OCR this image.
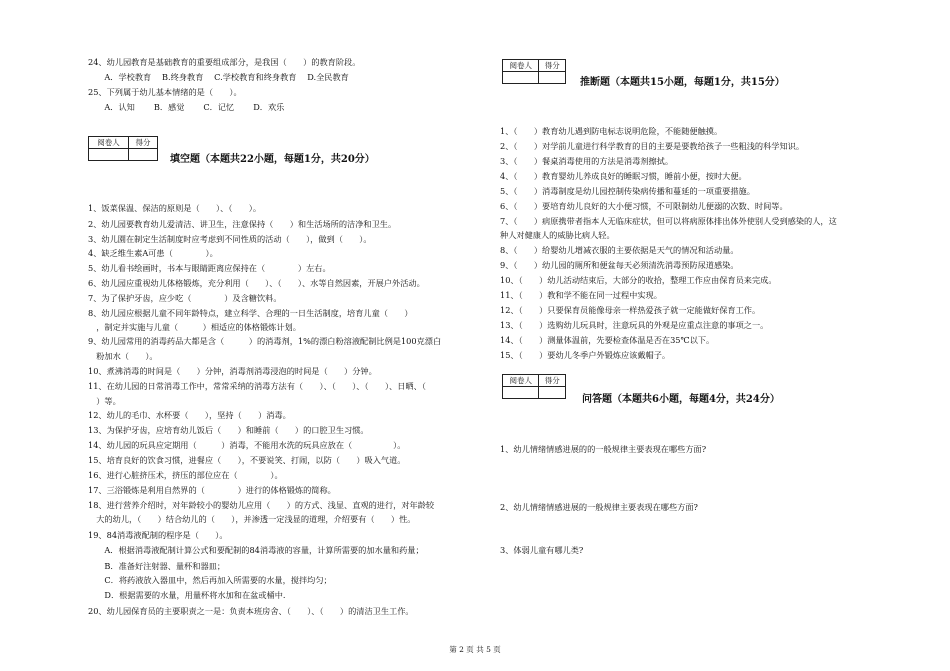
24、幼儿园教育是基础教育的重要组成部分，是我国（　　）的教育阶段。
　　A．学校教育　 B.终身教育　 C.学校教育和终身教育　 D.全民教育
25、下列属于幼儿基本情绪的是（　　）。
　　A．认知　　 B．感觉　　 C．记忆　　 D．欢乐
阅卷人	得分

填空题（本题共22小题，每题1分，共20分）
1、饭菜保温、保洁的原则是（　　）、（　　）。
2、幼儿园要教育幼儿爱清洁、讲卫生，注意保持（　　）和生活场所的洁净和卫生。
3、幼儿園在制定生活制度时应考虑到不同性质的活动（　　），做到（　　）。
4、缺乏维生素A可患（　　　　）。
5、幼儿看书绘画时，书本与眼睛距离应保持在（　　　　）左右。
6、幼儿园应重视幼儿体格锻炼，充分利用（　　）、（　　）、水等自然因素，开展户外活动。
7、为了保护牙齿，应少吃（　　　　）及含糖饮料。
8、幼儿园应根据儿童不同年龄特点，建立科学、合理的一日生活制度，培育儿童（　　）
　，制定并实施与儿童（　　　）相适应的体格锻炼计划。
9、幼儿园常用的消毒药品大都是含（　　　）的消毒剂，1%的漂白粉溶液配制比例是100克漂白
　粉加水（　　）。
10、煮沸消毒的时间是（　　）分钟，消毒剂消毒浸泡的时间是（　　）分钟。
11、在幼儿园的日常消毒工作中，常常采纳的消毒方法有（　　）、（　　）、（　　）、日晒、（
　）等。
12、幼儿的毛巾、水杯要（　　），坚持（　　）消毒。
13、为保护牙齿，应培育幼儿饭后（　　）和睡前（　　）的口腔卫生习惯。
14、幼儿园的玩具应定期用（　　　）消毒，不能用水洗的玩具应放在（　　　　　）。
15、培育良好的饮食习惯，进餐应（　　），不要说笑、打闹，以防（　　）吸入气道。
16、进行心脏挤压术，挤压的部位应在（　　　　）。
17、三浴锻炼是利用自然界的（　　　　）进行的体格锻炼的简称。
18、进行营养介绍时，对年龄较小的婴幼儿应用（　　）的方式、浅显、直观的进行，对年龄较
　大的幼儿，（　　）结合幼儿的（　　），并渗透一定浅显的道理，介绍要有（　　）性。
19、84消毒液配制的程序是（　　）。
　　A．根据消毒液配制计算公式和要配制的84消毒液的容量，计算所需要的加水量和药量；
　　B．准备好注射器、量杯和器皿；
　　C．将药液放入器皿中，然后再加入所需要的水量，搅拌均匀；
　　D．根据需要的水量，用量杯将水加和在盆或桶中.
20、幼儿园保育员的主要职责之一是：负责本班房舍、（　　）、（　　）的清洁卫生工作。
阅卷人	得分

推断题（本题共15小题，每题1分，共15分）
1、（　　）教育幼儿遇到防电标志说明危险，不能随便触摸。
2、（　　）对学前儿童进行科学教育的目的主要是要教给孩子一些粗浅的科学知识。
3、（　　）餐桌消毒使用的方法是消毒剂擦拭。
4、（　　）教育婴幼儿养成良好的睡眠习惯，睡前小便，按时大便。
5、（　　）消毒制度是幼儿园控制传染病传播和蔓延的一项重要措施。
6、（　　）要培育幼儿良好的大小便习惯，不可限制幼儿便溺的次数、时间等。
7、（　　）病原携带者指本人无临床症状，但可以将病原体排出体外使别人受到感染的人，这
种人对健康人的威胁比病人轻。
8、（　　）给婴幼儿增减衣服的主要依据是天气的情况和活动量。
9、（　　）幼儿园的厕所和便盆每天必须清洗消毒预防尿道感染。
10、（　　）幼儿活动结束后，大部分的收拾，整理工作应由保育员来完成。
11、（　　）教和学不能在同一过程中实现。
12、（　　）只要保育员能像母亲一样热爱孩子就一定能做好保育工作。
13、（　　）选购幼儿玩具时，注意玩具的外观是应重点注意的事项之一。
14、（　　）测量体温前，先要检查体温是否在35℃以下。
15、（　　）要幼儿冬季户外锻炼应该戴帽子。
阅卷人	得分

问答题（本题共6小题，每题4分，共24分）
1、幼儿情绪情感进展的的一般规律主要表现在哪些方面?
2、幼儿情绪情感进展的一般规律主要表现在哪些方面?
3、体弱儿童有哪儿类?
第 2 页 共 5 页
